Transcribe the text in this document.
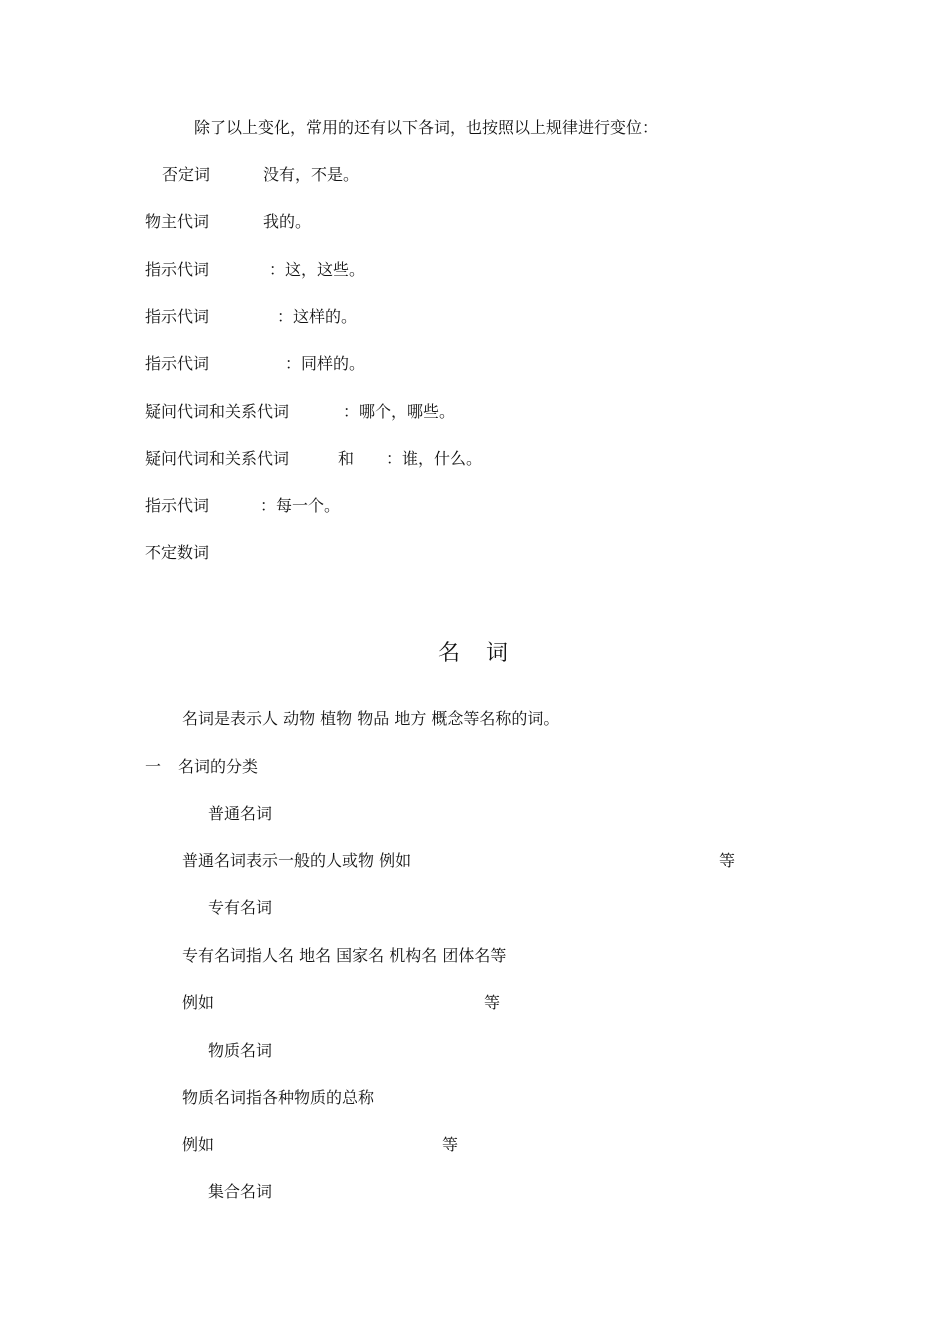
除了以上变化，常用的还有以下各词，也按照以上规律进行变位：
否定词	没有，不是。
物主代词	我的。
指示代词	：这，这些。
指示代词	：这样的。
指示代词	：同样的。
疑问代词和关系代词	：哪个，哪些。
疑问代词和关系代词	和 ：谁，什么。
指示代词	：每一个。
不定数词
名词
名词是表示人 动物 植物 物品 地方 概念等名称的词。
一 名词的分类
普通名词
普通名词表示一般的人或物 例如	等
专有名词
专有名词指人名 地名 国家名 机构名 团体名等
例如	等
物质名词
物质名词指各种物质的总称
例如	等
集合名词
